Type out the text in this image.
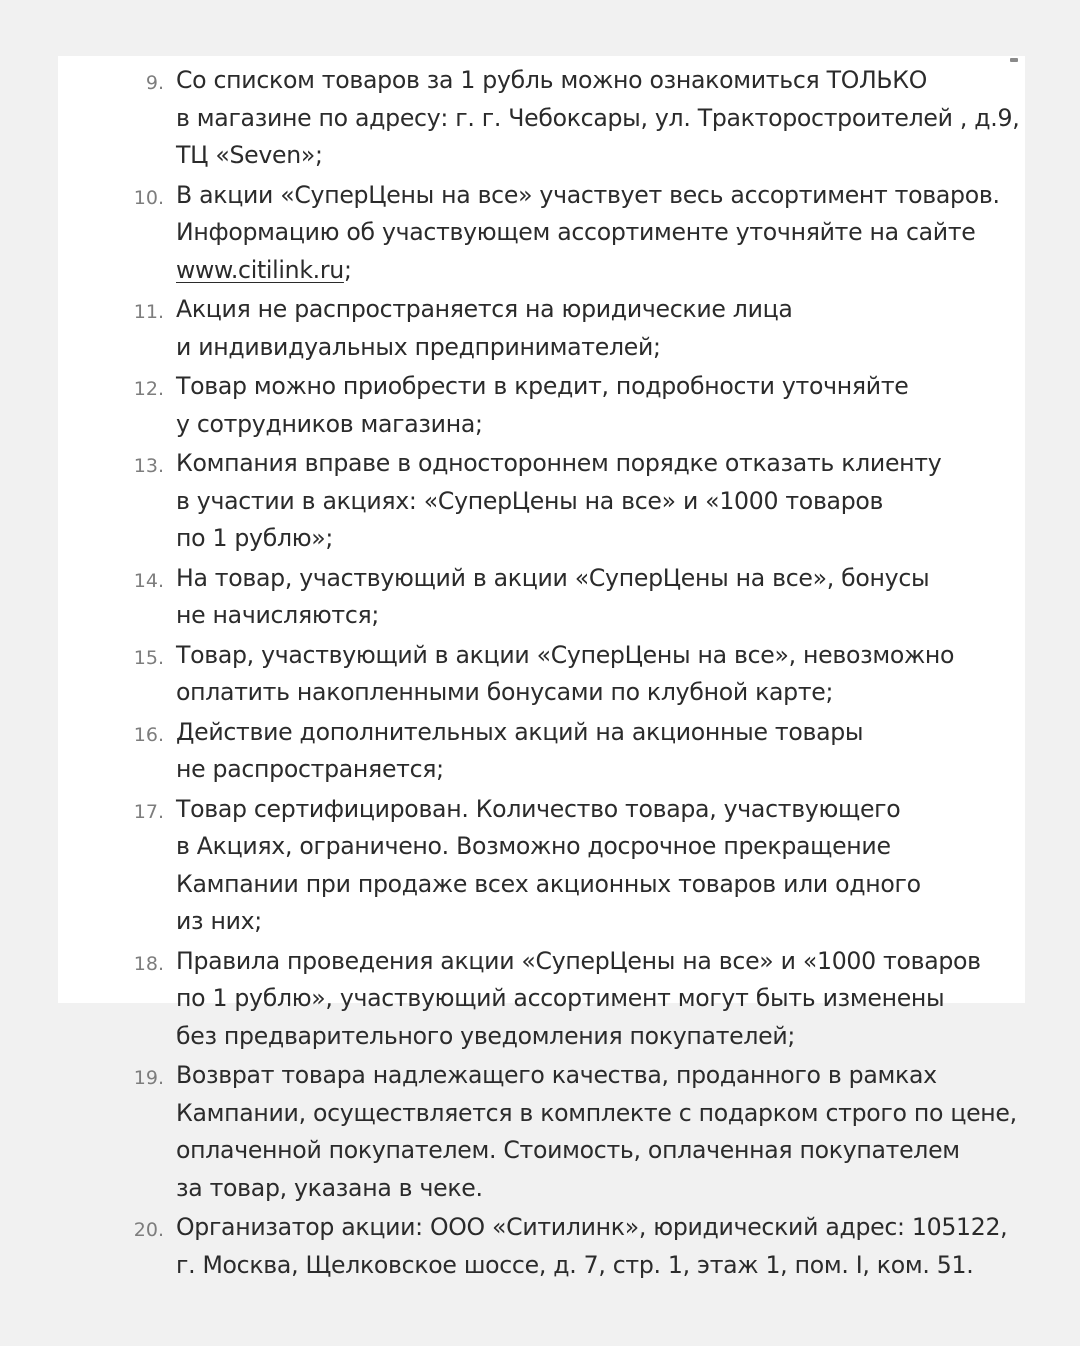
9. Со списком товаров за 1 рубль можно ознакомиться ТОЛЬКО
в магазине по адресу: г. г. Чебоксары, ул. Тракторостроителей , д.9,
ТЦ «Seven»;
10. В акции «СуперЦены на все» участвует весь ассортимент товаров.
Информацию об участвующем ассортименте уточняйте на сайте
www.citilink.ru;
11. Акция не распространяется на юридические лица
и индивидуальных предпринимателей;
12. Товар можно приобрести в кредит, подробности уточняйте
у сотрудников магазина;
13. Компания вправе в одностороннем порядке отказать клиенту
в участии в акциях: «СуперЦены на все» и «1000 товаров
по 1 рублю»;
14. На товар, участвующий в акции «СуперЦены на все», бонусы
не начисляются;
15. Товар, участвующий в акции «СуперЦены на все», невозможно
оплатить накопленными бонусами по клубной карте;
16. Действие дополнительных акций на акционные товары
не распространяется;
17. Товар сертифицирован. Количество товара, участвующего
в Акциях, ограничено. Возможно досрочное прекращение
Кампании при продаже всех акционных товаров или одного
из них;
18. Правила проведения акции «СуперЦены на все» и «1000 товаров
по 1 рублю», участвующий ассортимент могут быть изменены
без предварительного уведомления покупателей;
19. Возврат товара надлежащего качества, проданного в рамках
Кампании, осуществляется в комплекте с подарком строго по цене,
оплаченной покупателем. Стоимость, оплаченная покупателем
за товар, указана в чеке.
20. Организатор акции: ООО «Ситилинк», юридический адрес: 105122,
г. Москва, Щелковское шоссе, д. 7, стр. 1, этаж 1, пом. I, ком. 51.
